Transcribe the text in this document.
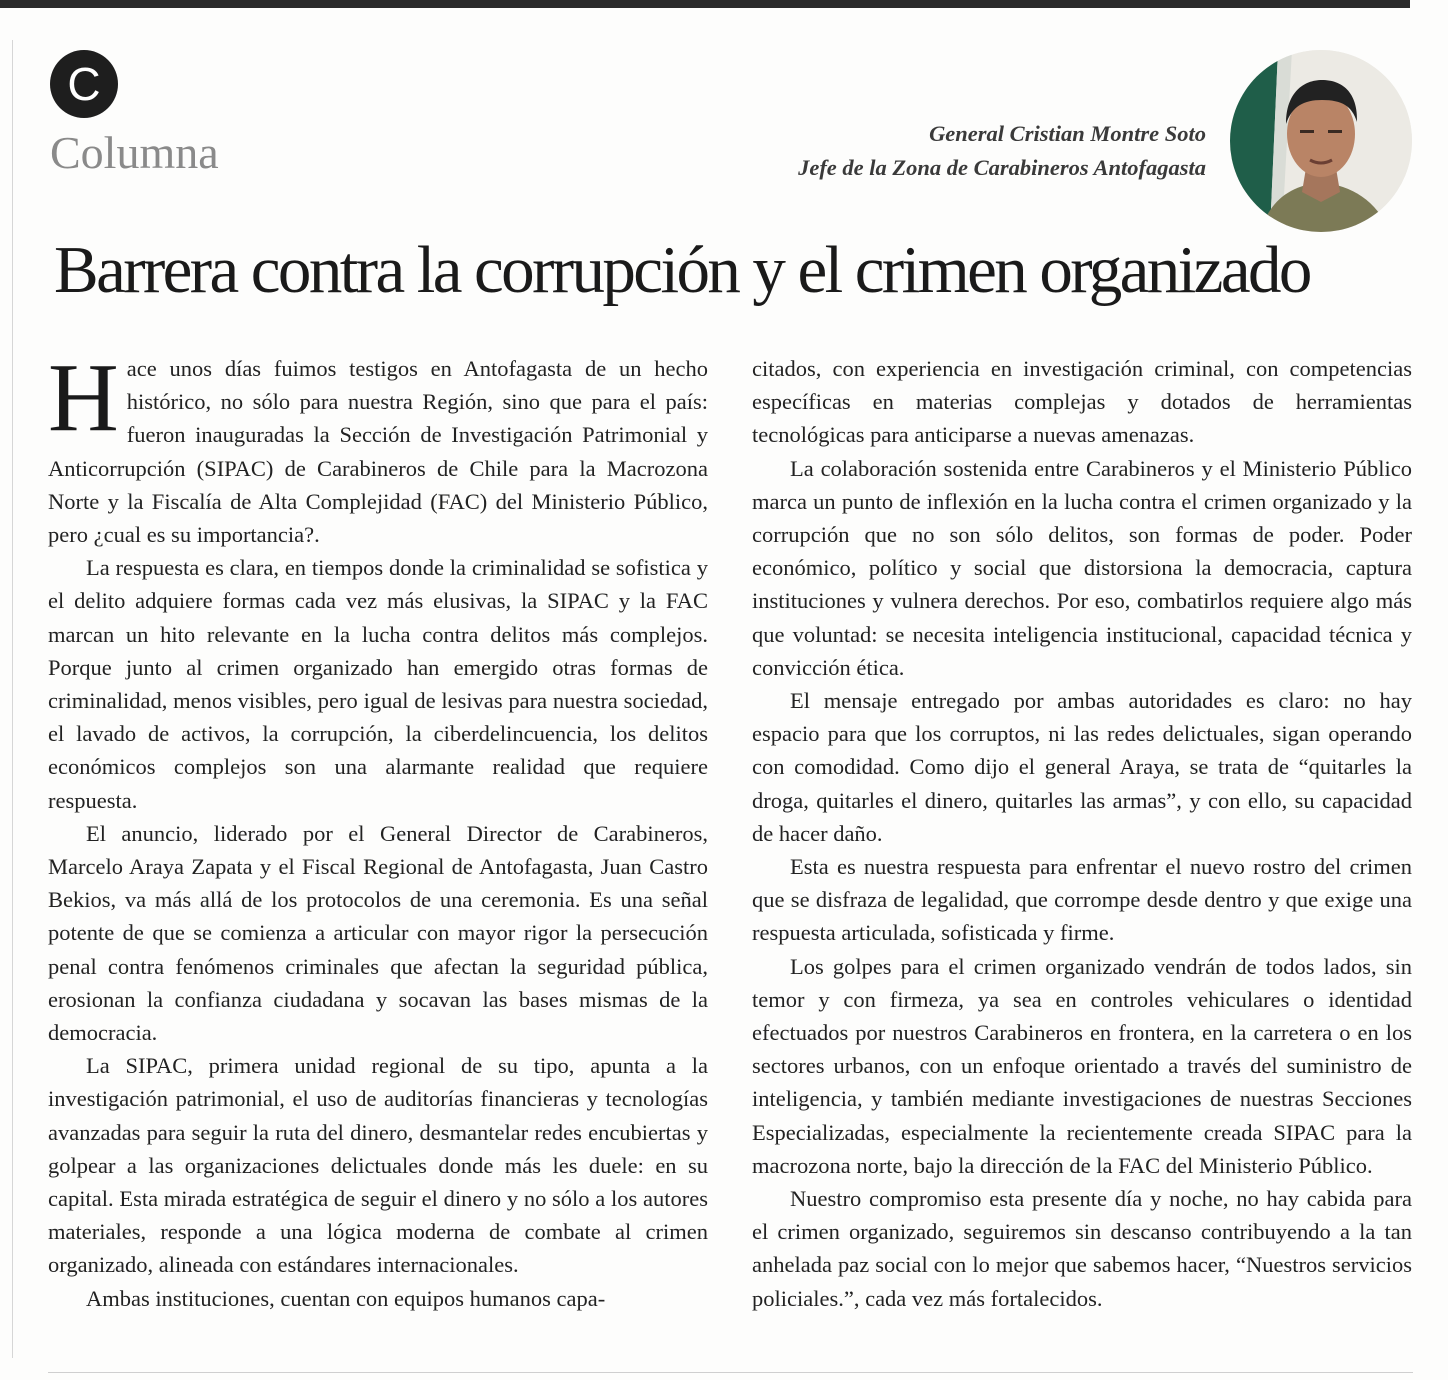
C
Columna	General Cristian Montre Soto
Jefe de la Zona de Carabineros Antofagasta
Barrera contra la corrupción y el crimen organizado

Hace unos días fuimos testigos en Antofagasta de un hecho histórico, no sólo para nuestra Región, sino que para el país: fueron inauguradas la Sección de Investigación Patrimonial y Anticorrupción (SIPAC) de Carabineros de Chile para la Macrozona Norte y la Fiscalía de Alta Complejidad (FAC) del Ministerio Público, pero ¿cual es su importancia?.

La respuesta es clara, en tiempos donde la criminalidad se sofistica y el delito adquiere formas cada vez más elusivas, la SIPAC y la FAC marcan un hito relevante en la lucha contra delitos más complejos. Porque junto al crimen organizado han emergido otras formas de criminalidad, menos visibles, pero igual de lesivas para nuestra sociedad, el lavado de activos, la corrupción, la ciberdelincuencia, los delitos económicos complejos son una alarmante realidad que requiere respuesta.

El anuncio, liderado por el General Director de Carabineros, Marcelo Araya Zapata y el Fiscal Regional de Antofagasta, Juan Castro Bekios, va más allá de los protocolos de una ceremonia. Es una señal potente de que se comienza a articular con mayor rigor la persecución penal contra fenómenos criminales que afectan la seguridad pública, erosionan la confianza ciudadana y socavan las bases mismas de la democracia.

La SIPAC, primera unidad regional de su tipo, apunta a la investigación patrimonial, el uso de auditorías financieras y tecnologías avanzadas para seguir la ruta del dinero, desmantelar redes encubiertas y golpear a las organizaciones delictuales donde más les duele: en su capital. Esta mirada estratégica de seguir el dinero y no sólo a los autores materiales, responde a una lógica moderna de combate al crimen organizado, alineada con estándares internacionales.

Ambas instituciones, cuentan con equipos humanos capa-

citados, con experiencia en investigación criminal, con competencias específicas en materias complejas y dotados de herramientas tecnológicas para anticiparse a nuevas amenazas.

La colaboración sostenida entre Carabineros y el Ministerio Público marca un punto de inflexión en la lucha contra el crimen organizado y la corrupción que no son sólo delitos, son formas de poder. Poder económico, político y social que distorsiona la democracia, captura instituciones y vulnera derechos. Por eso, combatirlos requiere algo más que voluntad: se necesita inteligencia institucional, capacidad técnica y convicción ética.

El mensaje entregado por ambas autoridades es claro: no hay espacio para que los corruptos, ni las redes delictuales, sigan operando con comodidad. Como dijo el general Araya, se trata de “quitarles la droga, quitarles el dinero, quitarles las armas”, y con ello, su capacidad de hacer daño.

Esta es nuestra respuesta para enfrentar el nuevo rostro del crimen que se disfraza de legalidad, que corrompe desde dentro y que exige una respuesta articulada, sofisticada y firme.

Los golpes para el crimen organizado vendrán de todos lados, sin temor y con firmeza, ya sea en controles vehiculares o identidad efectuados por nuestros Carabineros en frontera, en la carretera o en los sectores urbanos, con un enfoque orientado a través del suministro de inteligencia, y también mediante investigaciones de nuestras Secciones Especializadas, especialmente la recientemente creada SIPAC para la macrozona norte, bajo la dirección de la FAC del Ministerio Público.

Nuestro compromiso esta presente día y noche, no hay cabida para el crimen organizado, seguiremos sin descanso contribuyendo a la tan anhelada paz social con lo mejor que sabemos hacer, “Nuestros servicios policiales.”, cada vez más fortalecidos.
